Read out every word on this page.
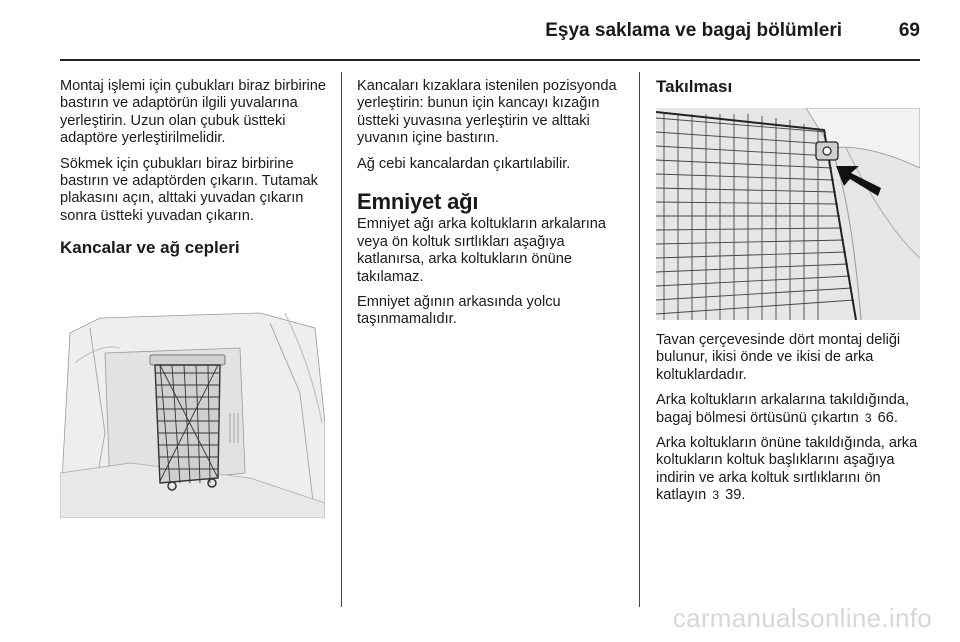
Eşya saklama ve bagaj bölümleri	69

Montaj işlemi için çubukları biraz birbirine bastırın ve adaptörün ilgili yuvalarına yerleştirin. Uzun olan çubuk üstteki adaptöre yerleştirilmelidir.

Sökmek için çubukları biraz birbirine bastırın ve adaptörden çıkarın. Tutamak plakasını açın, alttaki yuvadan çıkarın sonra üstteki yuvadan çıkarın.

Kancalar ve ağ cepleri

Kancaları kızaklara istenilen pozisyonda yerleştirin: bunun için kancayı kızağın üstteki yuvasına yerleştirin ve alttaki yuvanın içine bastırın.

Ağ cebi kancalardan çıkartılabilir.

Emniyet ağı

Emniyet ağı arka koltukların arkalarına veya ön koltuk sırtlıkları aşağıya katlanırsa, arka koltukların önüne takılamaz.

Emniyet ağının arkasında yolcu taşınmamalıdır.

Takılması

Tavan çerçevesinde dört montaj deliği bulunur, ikisi önde ve ikisi de arka koltuklardadır.

Arka koltukların arkalarına takıldığında, bagaj bölmesi örtüsünü çıkartın 3 66.

Arka koltukların önüne takıldığında, arka koltukların koltuk başlıklarını aşağıya indirin ve arka koltuk sırtlıklarını ön katlayın 3 39.

carmanualsonline.info
